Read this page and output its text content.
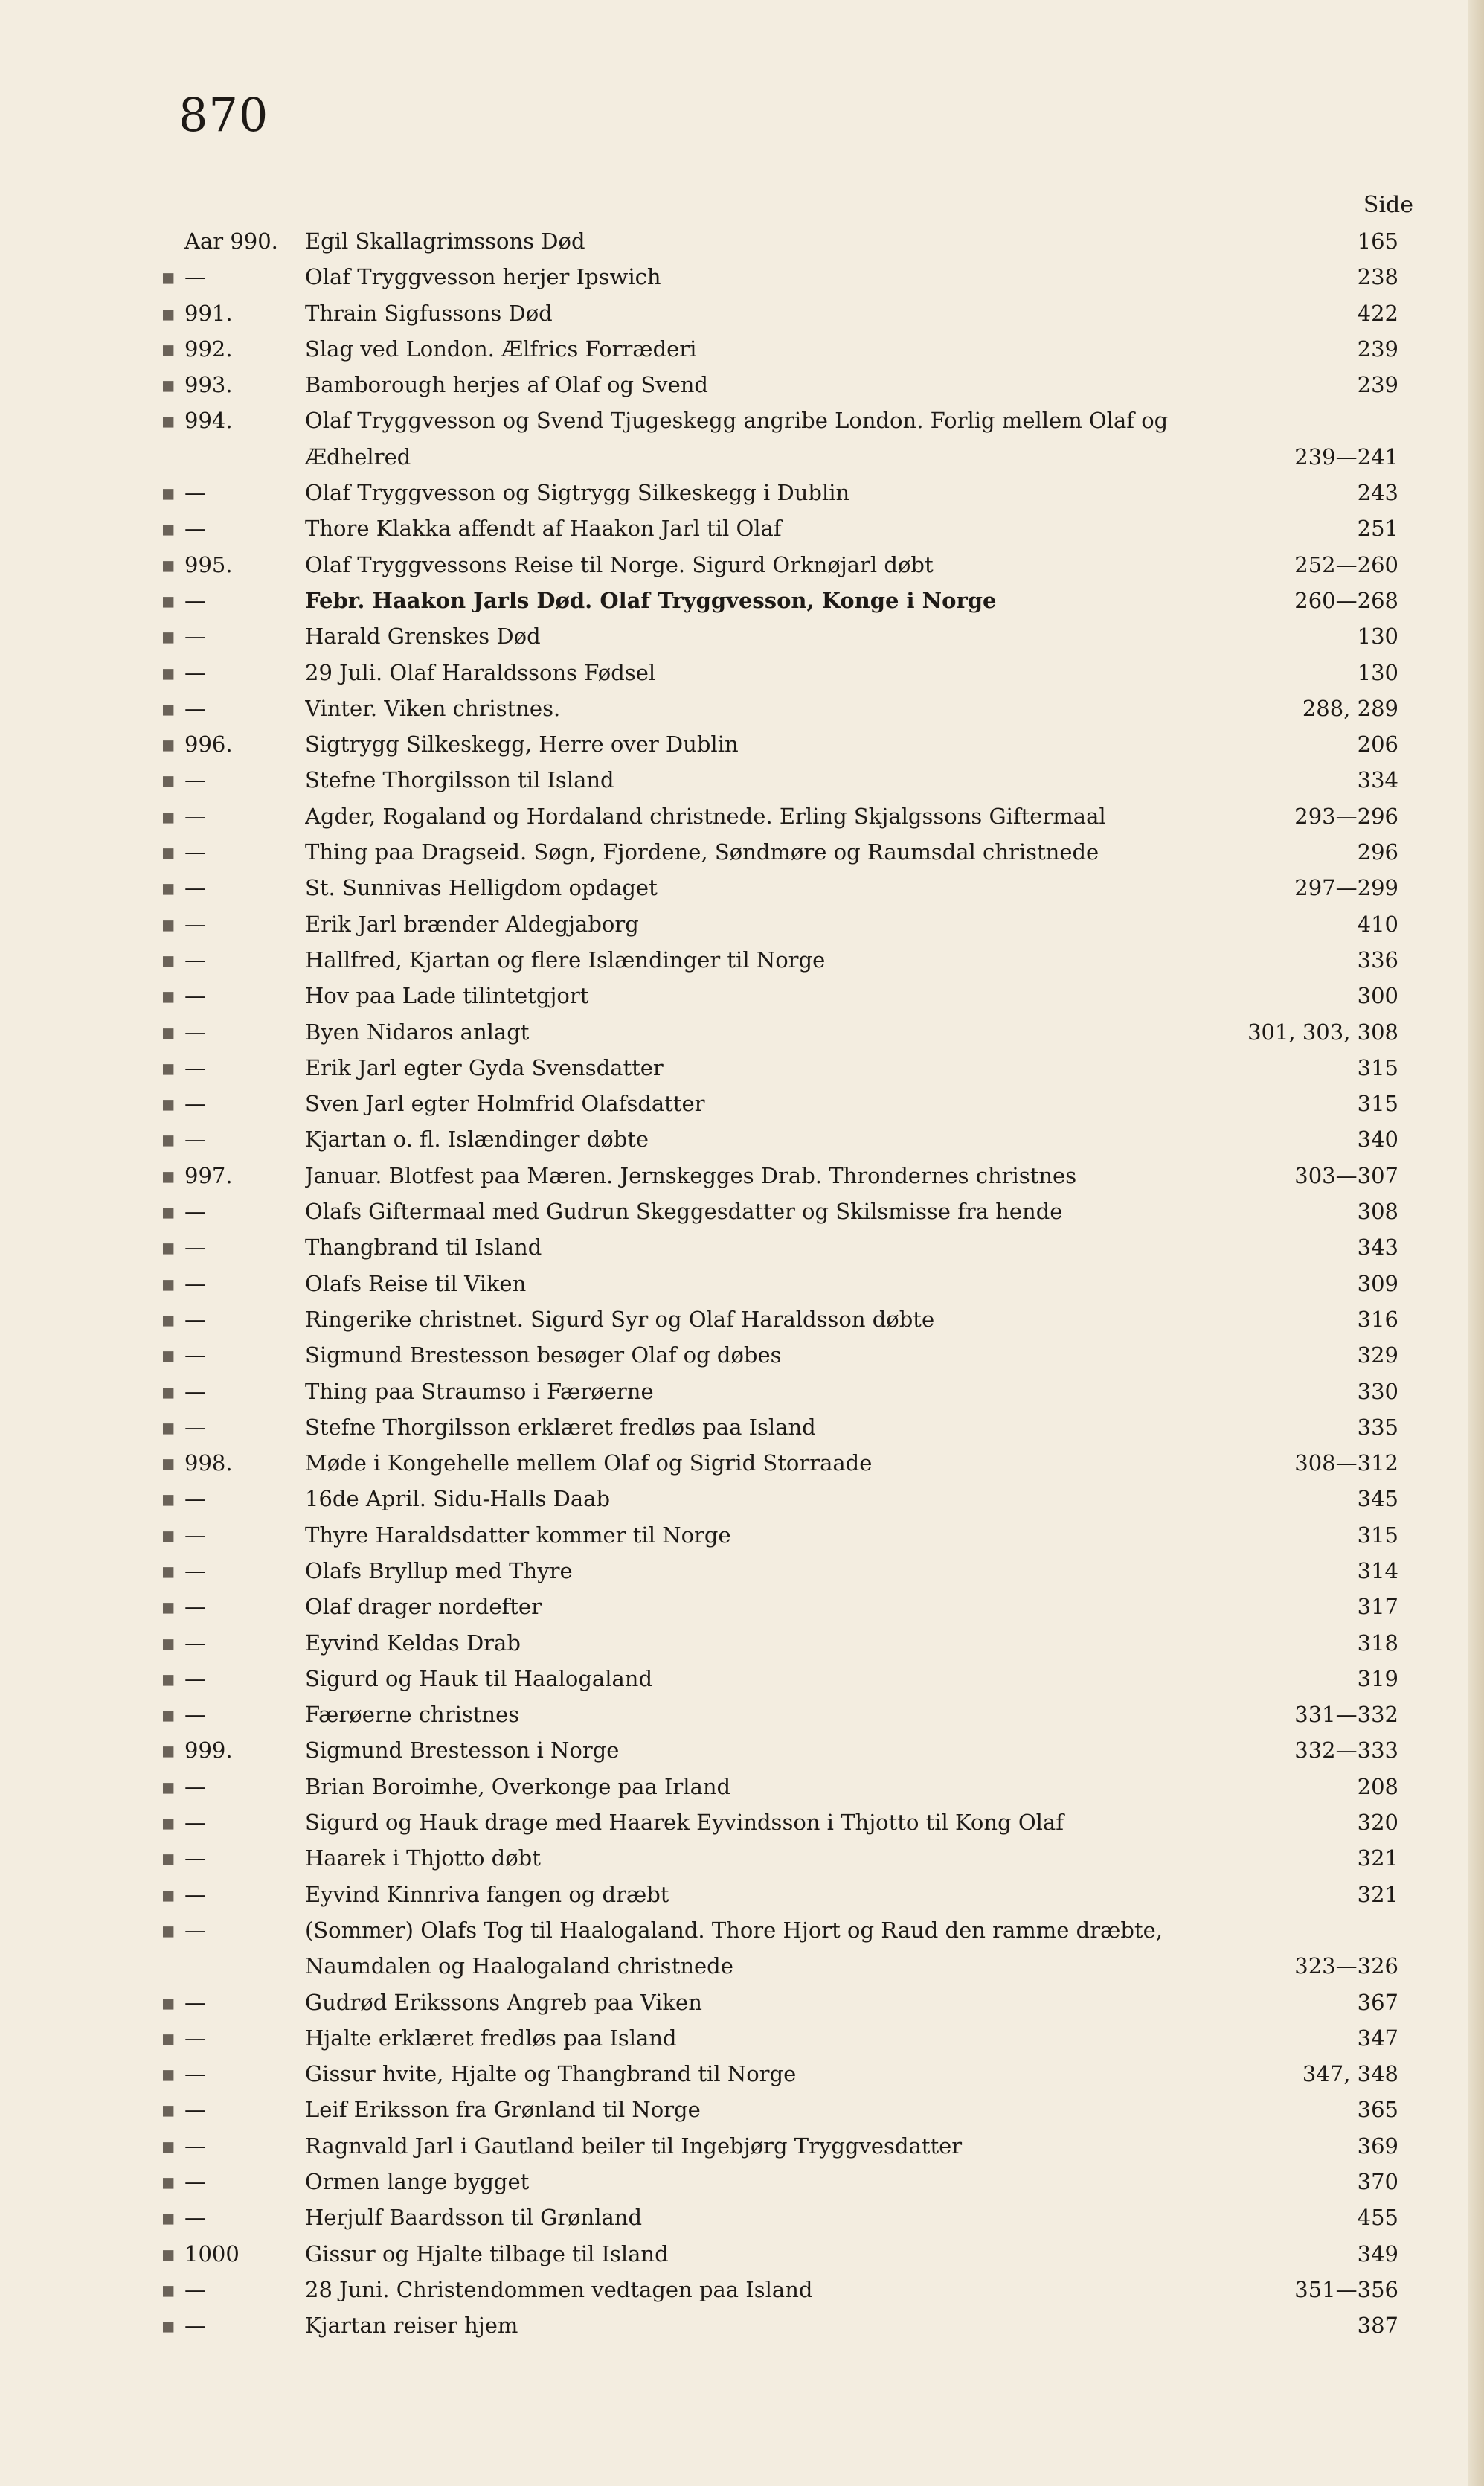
870
Side
Aar 990.	Egil Skallagrimssons Død	165
▪ —	Olaf Tryggvesson herjer Ipswich	238
▪ 991.	Thrain Sigfussons Død	422
▪ 992.	Slag ved London. Ælfrics Forræderi	239
▪ 993.	Bamborough herjes af Olaf og Svend	239
▪ 994.	Olaf Tryggvesson og Svend Tjugeskegg angribe London. Forlig mellem Olaf og
Ædhelred	239—241
▪ —	Olaf Tryggvesson og Sigtrygg Silkeskegg i Dublin	243
▪ —	Thore Klakka affendt af Haakon Jarl til Olaf	251
▪ 995.	Olaf Tryggvessons Reise til Norge. Sigurd Orknøjarl døbt	252—260
▪ —	Febr. Haakon Jarls Død. Olaf Tryggvesson, Konge i Norge	260—268
▪ —	Harald Grenskes Død	130
▪ —	29 Juli. Olaf Haraldssons Fødsel	130
▪ —	Vinter. Viken christnes.	288, 289
▪ 996.	Sigtrygg Silkeskegg, Herre over Dublin	206
▪ —	Stefne Thorgilsson til Island	334
▪ —	Agder, Rogaland og Hordaland christnede. Erling Skjalgssons Giftermaal	293—296
▪ —	Thing paa Dragseid. Søgn, Fjordene, Søndmøre og Raumsdal christnede	296
▪ —	St. Sunnivas Helligdom opdaget	297—299
▪ —	Erik Jarl brænder Aldegjaborg	410
▪ —	Hallfred, Kjartan og flere Islændinger til Norge	336
▪ —	Hov paa Lade tilintetgjort	300
▪ —	Byen Nidaros anlagt	301, 303, 308
▪ —	Erik Jarl egter Gyda Svensdatter	315
▪ —	Sven Jarl egter Holmfrid Olafsdatter	315
▪ —	Kjartan o. fl. Islændinger døbte	340
▪ 997.	Januar. Blotfest paa Mæren. Jernskegges Drab. Throndernes christnes	303—307
▪ —	Olafs Giftermaal med Gudrun Skeggesdatter og Skilsmisse fra hende	308
▪ —	Thangbrand til Island	343
▪ —	Olafs Reise til Viken	309
▪ —	Ringerike christnet. Sigurd Syr og Olaf Haraldsson døbte	316
▪ —	Sigmund Brestesson besøger Olaf og døbes	329
▪ —	Thing paa Straumso i Færøerne	330
▪ —	Stefne Thorgilsson erklæret fredløs paa Island	335
▪ 998.	Møde i Kongehelle mellem Olaf og Sigrid Storraade	308—312
▪ —	16de April. Sidu-Halls Daab	345
▪ —	Thyre Haraldsdatter kommer til Norge	315
▪ —	Olafs Bryllup med Thyre	314
▪ —	Olaf drager nordefter	317
▪ —	Eyvind Keldas Drab	318
▪ —	Sigurd og Hauk til Haalogaland	319
▪ —	Færøerne christnes	331—332
▪ 999.	Sigmund Brestesson i Norge	332—333
▪ —	Brian Boroimhe, Overkonge paa Irland	208
▪ —	Sigurd og Hauk drage med Haarek Eyvindsson i Thjotto til Kong Olaf	320
▪ —	Haarek i Thjotto døbt	321
▪ —	Eyvind Kinnriva fangen og dræbt	321
▪ —	(Sommer) Olafs Tog til Haalogaland. Thore Hjort og Raud den ramme dræbte,
Naumdalen og Haalogaland christnede	323—326
▪ —	Gudrød Erikssons Angreb paa Viken	367
▪ —	Hjalte erklæret fredløs paa Island	347
▪ —	Gissur hvite, Hjalte og Thangbrand til Norge	347, 348
▪ —	Leif Eriksson fra Grønland til Norge	365
▪ —	Ragnvald Jarl i Gautland beiler til Ingebjørg Tryggvesdatter	369
▪ —	Ormen lange bygget	370
▪ —	Herjulf Baardsson til Grønland	455
▪ 1000	Gissur og Hjalte tilbage til Island	349
▪ —	28 Juni. Christendommen vedtagen paa Island	351—356
▪ —	Kjartan reiser hjem	387
